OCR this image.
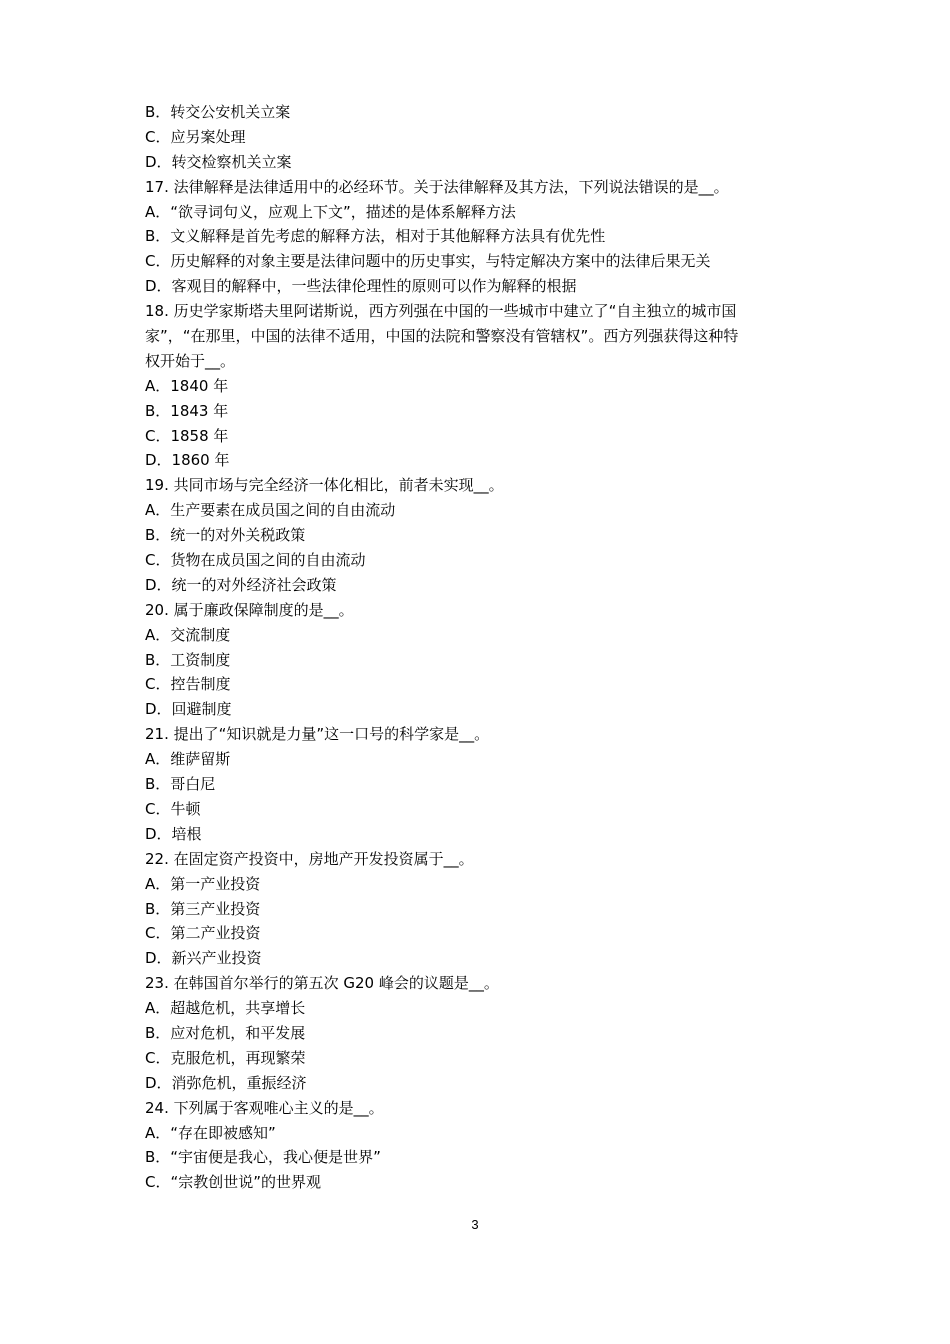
B．转交公安机关立案
C．应另案处理
D．转交检察机关立案
17. 法律解释是法律适用中的必经环节。关于法律解释及其方法，下列说法错误的是__。
A．“欲寻词句义，应观上下文”，描述的是体系解释方法
B．文义解释是首先考虑的解释方法，相对于其他解释方法具有优先性
C．历史解释的对象主要是法律问题中的历史事实，与特定解决方案中的法律后果无关
D．客观目的解释中，一些法律伦理性的原则可以作为解释的根据
18. 历史学家斯塔夫里阿诺斯说，西方列强在中国的一些城市中建立了“自主独立的城市国
家”，“在那里，中国的法律不适用，中国的法院和警察没有管辖权”。西方列强获得这种特
权开始于__。
A．1840 年
B．1843 年
C．1858 年
D．1860 年
19. 共同市场与完全经济一体化相比，前者未实现__。
A．生产要素在成员国之间的自由流动
B．统一的对外关税政策
C．货物在成员国之间的自由流动
D．统一的对外经济社会政策
20. 属于廉政保障制度的是__。
A．交流制度
B．工资制度
C．控告制度
D．回避制度
21. 提出了“知识就是力量”这一口号的科学家是__。
A．维萨留斯
B．哥白尼
C．牛顿
D．培根
22. 在固定资产投资中，房地产开发投资属于__。
A．第一产业投资
B．第三产业投资
C．第二产业投资
D．新兴产业投资
23. 在韩国首尔举行的第五次 G20 峰会的议题是__。
A．超越危机，共享增长
B．应对危机，和平发展
C．克服危机，再现繁荣
D．消弥危机，重振经济
24. 下列属于客观唯心主义的是__。
A．“存在即被感知”
B．“宇宙便是我心，我心便是世界”
C．“宗教创世说”的世界观
3
